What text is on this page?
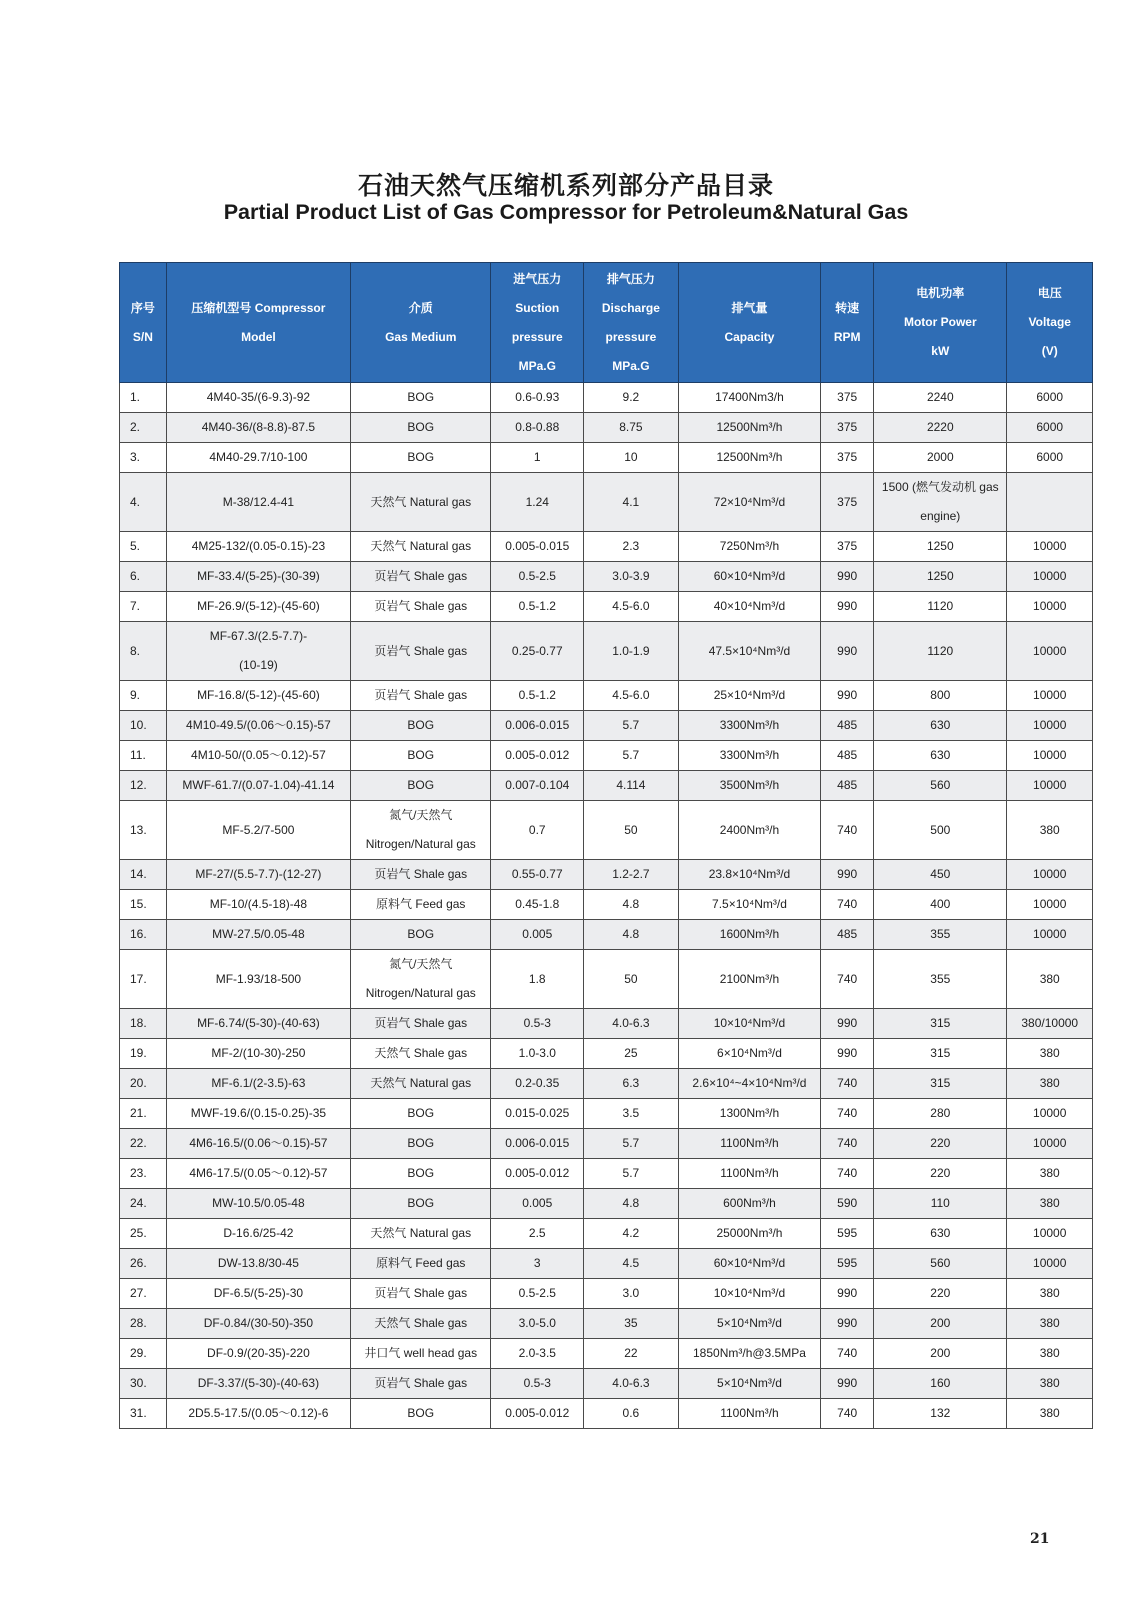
石油天然气压缩机系列部分产品目录
Partial Product List of Gas Compressor for Petroleum&Natural Gas
序号
S/N	压缩机型号 Compressor
Model	介质
Gas Medium	进气压力
Suction
pressure
MPa.G	排气压力
Discharge
pressure
MPa.G	排气量
Capacity	转速
RPM	电机功率
Motor Power
kW	电压
Voltage
(V)

1.	4M40-35/(6-9.3)-92	BOG	0.6-0.93	9.2	17400Nm3/h	375	2240	6000
2.	4M40-36/(8-8.8)-87.5	BOG	0.8-0.88	8.75	12500Nm³/h	375	2220	6000
3.	4M40-29.7/10-100	BOG	1	10	12500Nm³/h	375	2000	6000
4.	M-38/12.4-41	天然气 Natural gas	1.24	4.1	72×10⁴Nm³/d	375	1500 (燃气发动机 gas
engine)	

5.	4M25-132/(0.05-0.15)-23	天然气 Natural gas	0.005-0.015	2.3	7250Nm³/h	375	1250	10000
6.	MF-33.4/(5-25)-(30-39)	页岩气 Shale gas	0.5-2.5	3.0-3.9	60×10⁴Nm³/d	990	1250	10000
7.	MF-26.9/(5-12)-(45-60)	页岩气 Shale gas	0.5-1.2	4.5-6.0	40×10⁴Nm³/d	990	1120	10000
8.	MF-67.3/(2.5-7.7)-
(10-19)	页岩气 Shale gas	0.25-0.77	1.0-1.9	47.5×10⁴Nm³/d	990	1120	10000
9.	MF-16.8/(5-12)-(45-60)	页岩气 Shale gas	0.5-1.2	4.5-6.0	25×10⁴Nm³/d	990	800	10000
10.	4M10-49.5/(0.06～0.15)-57	BOG	0.006-0.015	5.7	3300Nm³/h	485	630	10000
11.	4M10-50/(0.05～0.12)-57	BOG	0.005-0.012	5.7	3300Nm³/h	485	630	10000
12.	MWF-61.7/(0.07-1.04)-41.14	BOG	0.007-0.104	4.114	3500Nm³/h	485	560	10000
13.	MF-5.2/7-500	氮气/天然气
Nitrogen/Natural gas	0.7	50	2400Nm³/h	740	500	380
14.	MF-27/(5.5-7.7)-(12-27)	页岩气 Shale gas	0.55-0.77	1.2-2.7	23.8×10⁴Nm³/d	990	450	10000
15.	MF-10/(4.5-18)-48	原料气 Feed gas	0.45-1.8	4.8	7.5×10⁴Nm³/d	740	400	10000
16.	MW-27.5/0.05-48	BOG	0.005	4.8	1600Nm³/h	485	355	10000
17.	MF-1.93/18-500	氮气/天然气
Nitrogen/Natural gas	1.8	50	2100Nm³/h	740	355	380
18.	MF-6.74/(5-30)-(40-63)	页岩气 Shale gas	0.5-3	4.0-6.3	10×10⁴Nm³/d	990	315	380/10000
19.	MF-2/(10-30)-250	天然气 Shale gas	1.0-3.0	25	6×10⁴Nm³/d	990	315	380
20.	MF-6.1/(2-3.5)-63	天然气 Natural gas	0.2-0.35	6.3	2.6×10⁴~4×10⁴Nm³/d	740	315	380
21.	MWF-19.6/(0.15-0.25)-35	BOG	0.015-0.025	3.5	1300Nm³/h	740	280	10000
22.	4M6-16.5/(0.06～0.15)-57	BOG	0.006-0.015	5.7	1100Nm³/h	740	220	10000
23.	4M6-17.5/(0.05～0.12)-57	BOG	0.005-0.012	5.7	1100Nm³/h	740	220	380
24.	MW-10.5/0.05-48	BOG	0.005	4.8	600Nm³/h	590	110	380
25.	D-16.6/25-42	天然气 Natural gas	2.5	4.2	25000Nm³/h	595	630	10000
26.	DW-13.8/30-45	原料气 Feed gas	3	4.5	60×10⁴Nm³/d	595	560	10000
27.	DF-6.5/(5-25)-30	页岩气 Shale gas	0.5-2.5	3.0	10×10⁴Nm³/d	990	220	380
28.	DF-0.84/(30-50)-350	天然气 Shale gas	3.0-5.0	35	5×10⁴Nm³/d	990	200	380
29.	DF-0.9/(20-35)-220	井口气 well head gas	2.0-3.5	22	1850Nm³/h@3.5MPa	740	200	380
30.	DF-3.37/(5-30)-(40-63)	页岩气 Shale gas	0.5-3	4.0-6.3	5×10⁴Nm³/d	990	160	380
31.	2D5.5-17.5/(0.05～0.12)-6	BOG	0.005-0.012	0.6	1100Nm³/h	740	132	380
21
